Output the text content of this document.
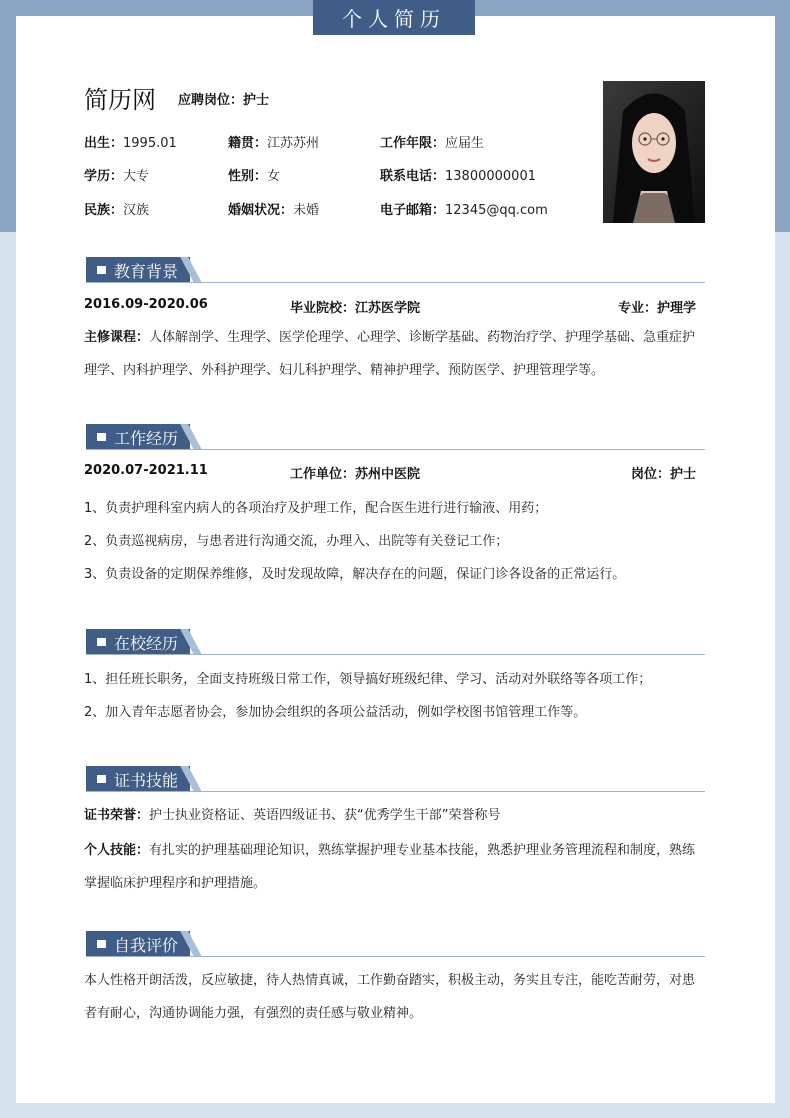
个人简历
简历网 应聘岗位：护士
出生：1995.01	籍贯：江苏苏州	工作年限：应届生
学历：大专	性别：女	联系电话：13800000001
民族：汉族	婚姻状况：未婚	电子邮箱：12345@qq.com
教育背景
2016.09-2020.06	毕业院校：江苏医学院	专业：护理学
主修课程：人体解剖学、生理学、医学伦理学、心理学、诊断学基础、药物治疗学、护理学基础、急重症护理学、内科护理学、外科护理学、妇儿科护理学、精神护理学、预防医学、护理管理学等。
工作经历
2020.07-2021.11	工作单位：苏州中医院	岗位：护士
1、负责护理科室内病人的各项治疗及护理工作，配合医生进行进行输液、用药；
2、负责巡视病房，与患者进行沟通交流，办理入、出院等有关登记工作；
3、负责设备的定期保养维修，及时发现故障，解决存在的问题，保证门诊各设备的正常运行。
在校经历
1、担任班长职务，全面支持班级日常工作，领导搞好班级纪律、学习、活动对外联络等各项工作；
2、加入青年志愿者协会，参加协会组织的各项公益活动，例如学校图书馆管理工作等。
证书技能
证书荣誉：护士执业资格证、英语四级证书、获“优秀学生干部”荣誉称号
个人技能：有扎实的护理基础理论知识，熟练掌握护理专业基本技能，熟悉护理业务管理流程和制度，熟练掌握临床护理程序和护理措施。
自我评价
本人性格开朗活泼，反应敏捷，待人热情真诚，工作勤奋踏实，积极主动，务实且专注，能吃苦耐劳，对患者有耐心，沟通协调能力强，有强烈的责任感与敬业精神。
